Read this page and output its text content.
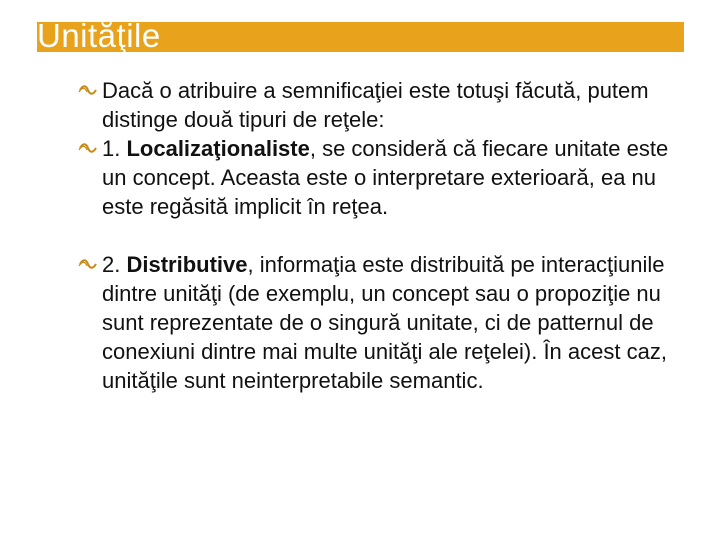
Unităţile

Dacă o atribuire a semnificaţiei este totuşi făcută, putem distinge două tipuri de reţele:

1. Localizaţionaliste, se consideră că fiecare unitate este un concept. Aceasta este o interpretare exterioară, ea nu este regăsită implicit în reţea.

2. Distributive, informaţia este distribuită pe interacţiunile dintre unităţi (de exemplu, un concept sau o propoziţie nu sunt reprezentate de o singură unitate, ci de patternul de conexiuni dintre mai multe unităţi ale reţelei). În acest caz, unităţile sunt neinterpretabile semantic.
